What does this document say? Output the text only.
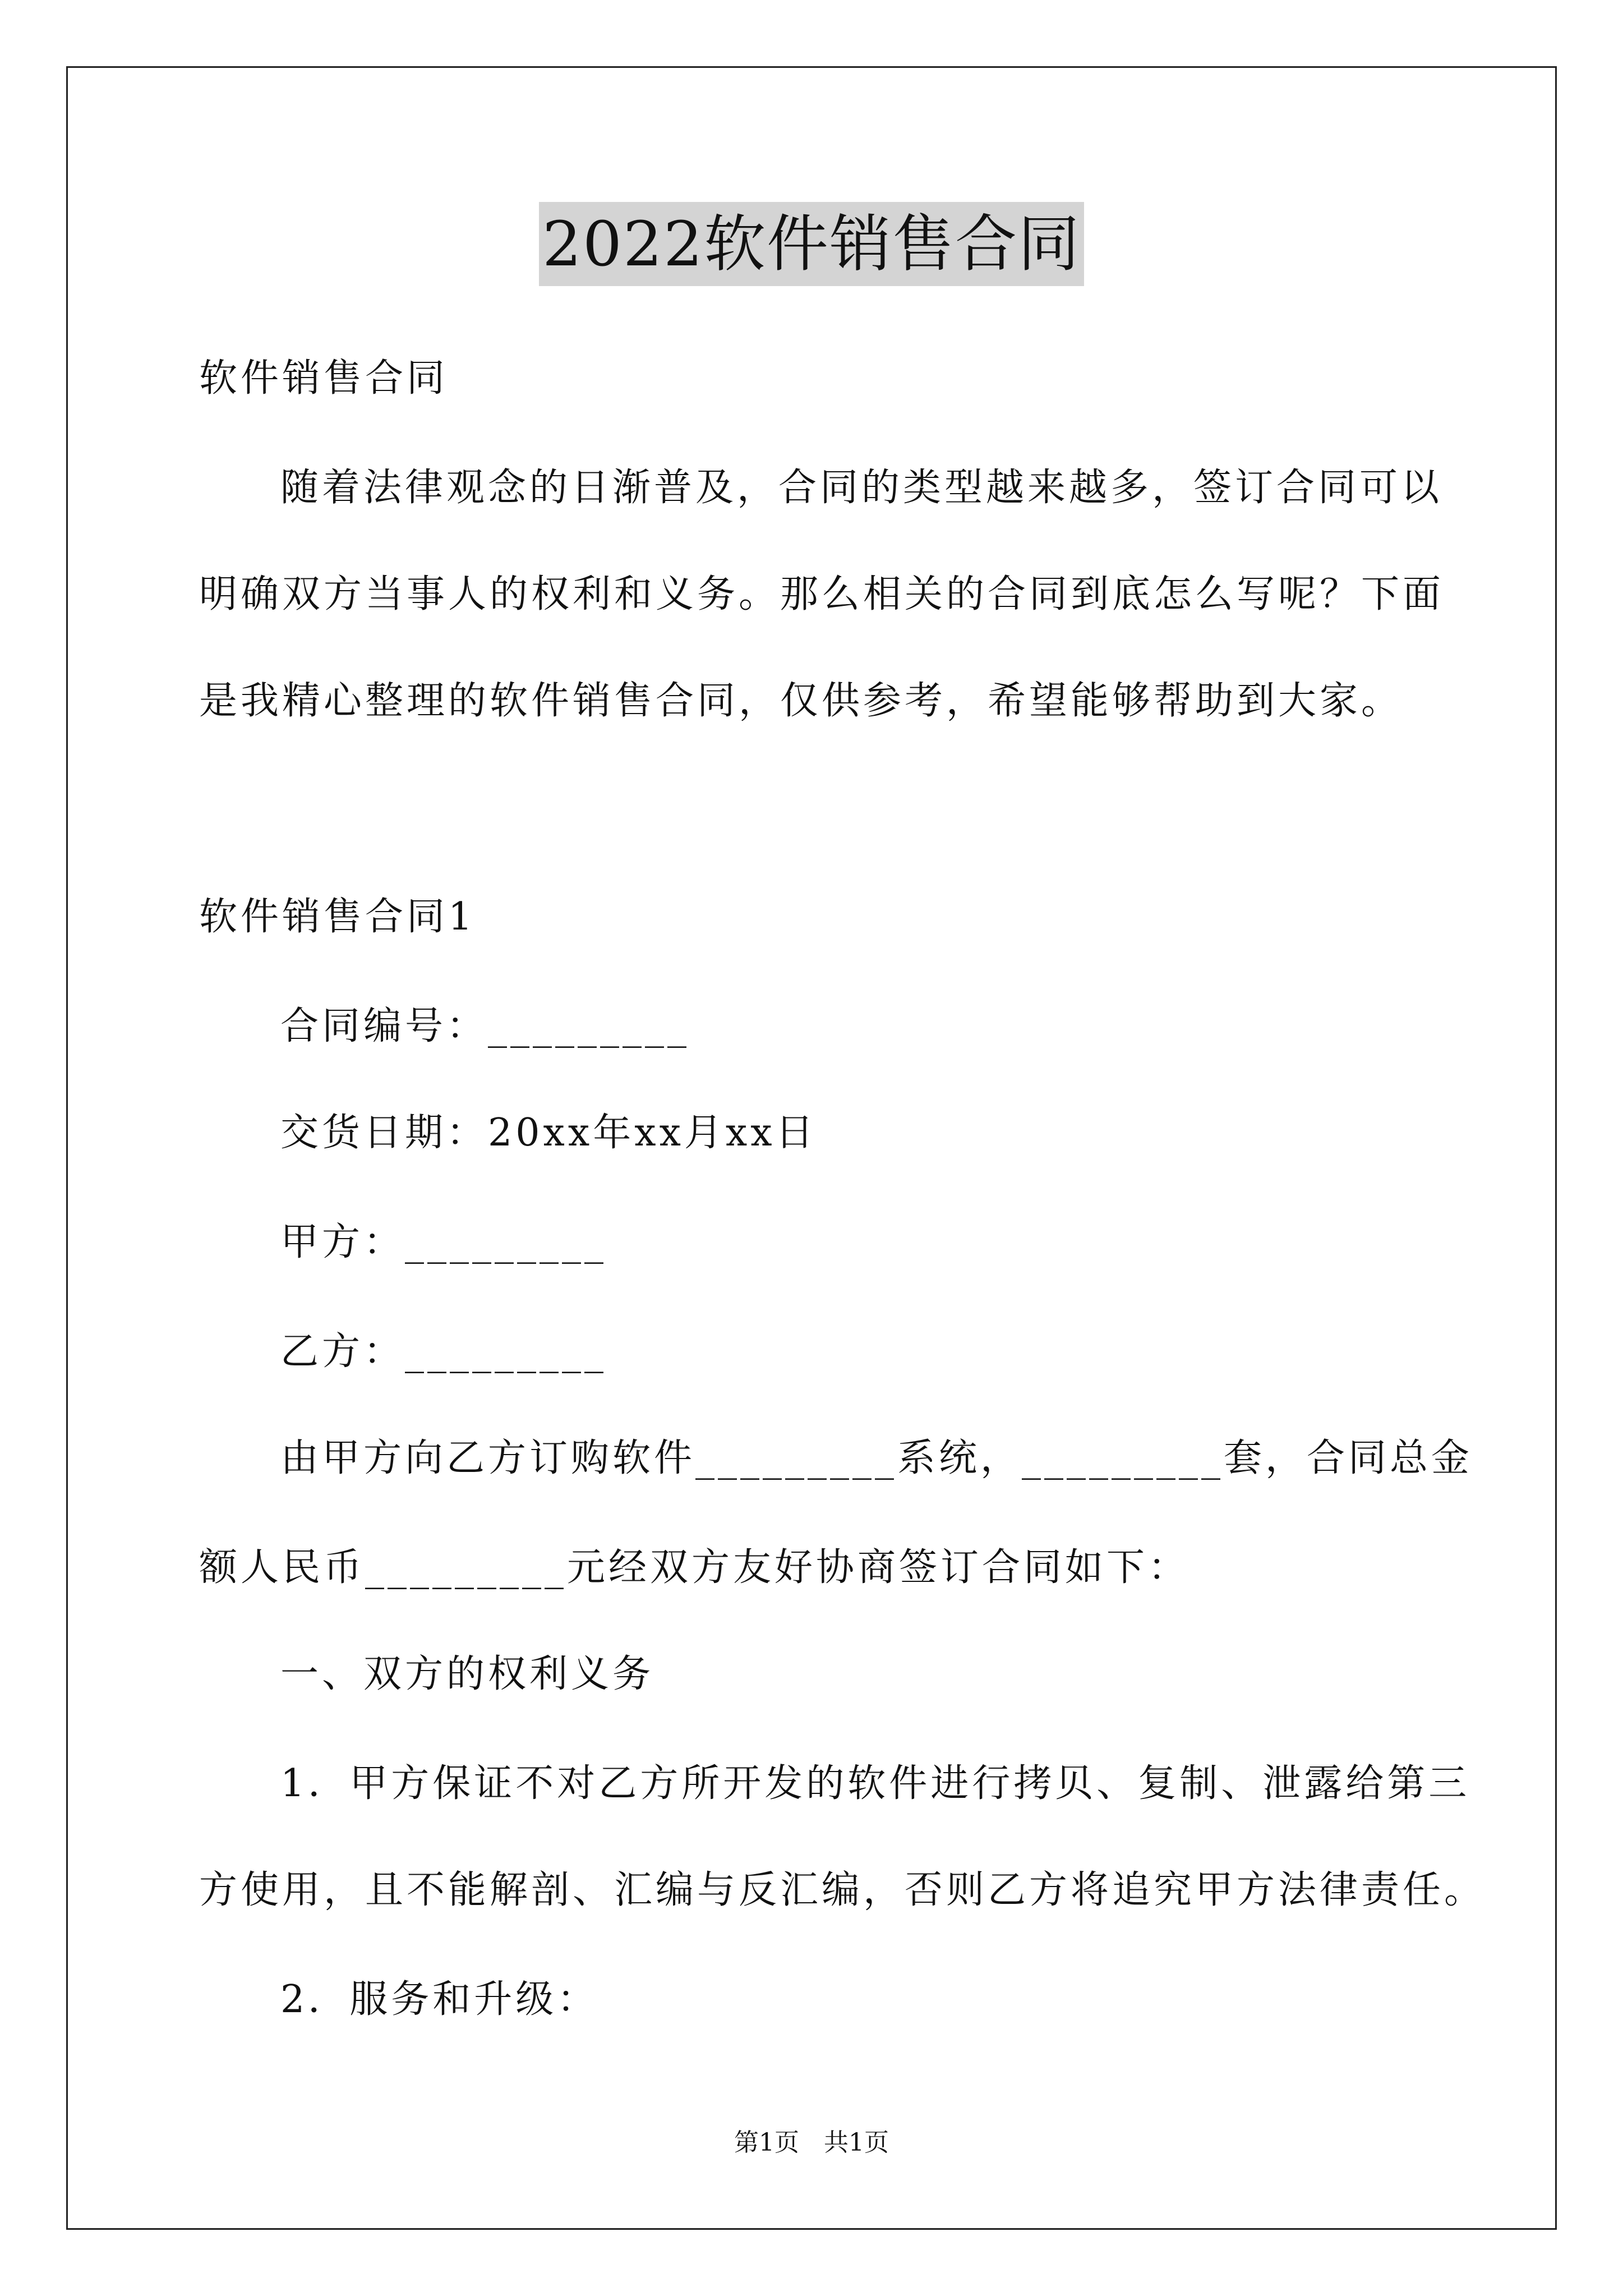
2022软件销售合同
软件销售合同
随着法律观念的日渐普及，合同的类型越来越多，签订合同可以
明确双方当事人的权利和义务。那么相关的合同到底怎么写呢？下面
是我精心整理的软件销售合同，仅供参考，希望能够帮助到大家。
软件销售合同1
合同编号：_________
交货日期：20xx年xx月xx日
甲方：_________
乙方：_________
由甲方向乙方订购软件_________系统，_________套，合同总金
额人民币_________元经双方友好协商签订合同如下：
一、双方的权利义务
1．甲方保证不对乙方所开发的软件进行拷贝、复制、泄露给第三
方使用，且不能解剖、汇编与反汇编，否则乙方将追究甲方法律责任。
2．服务和升级：
第1页　共1页
